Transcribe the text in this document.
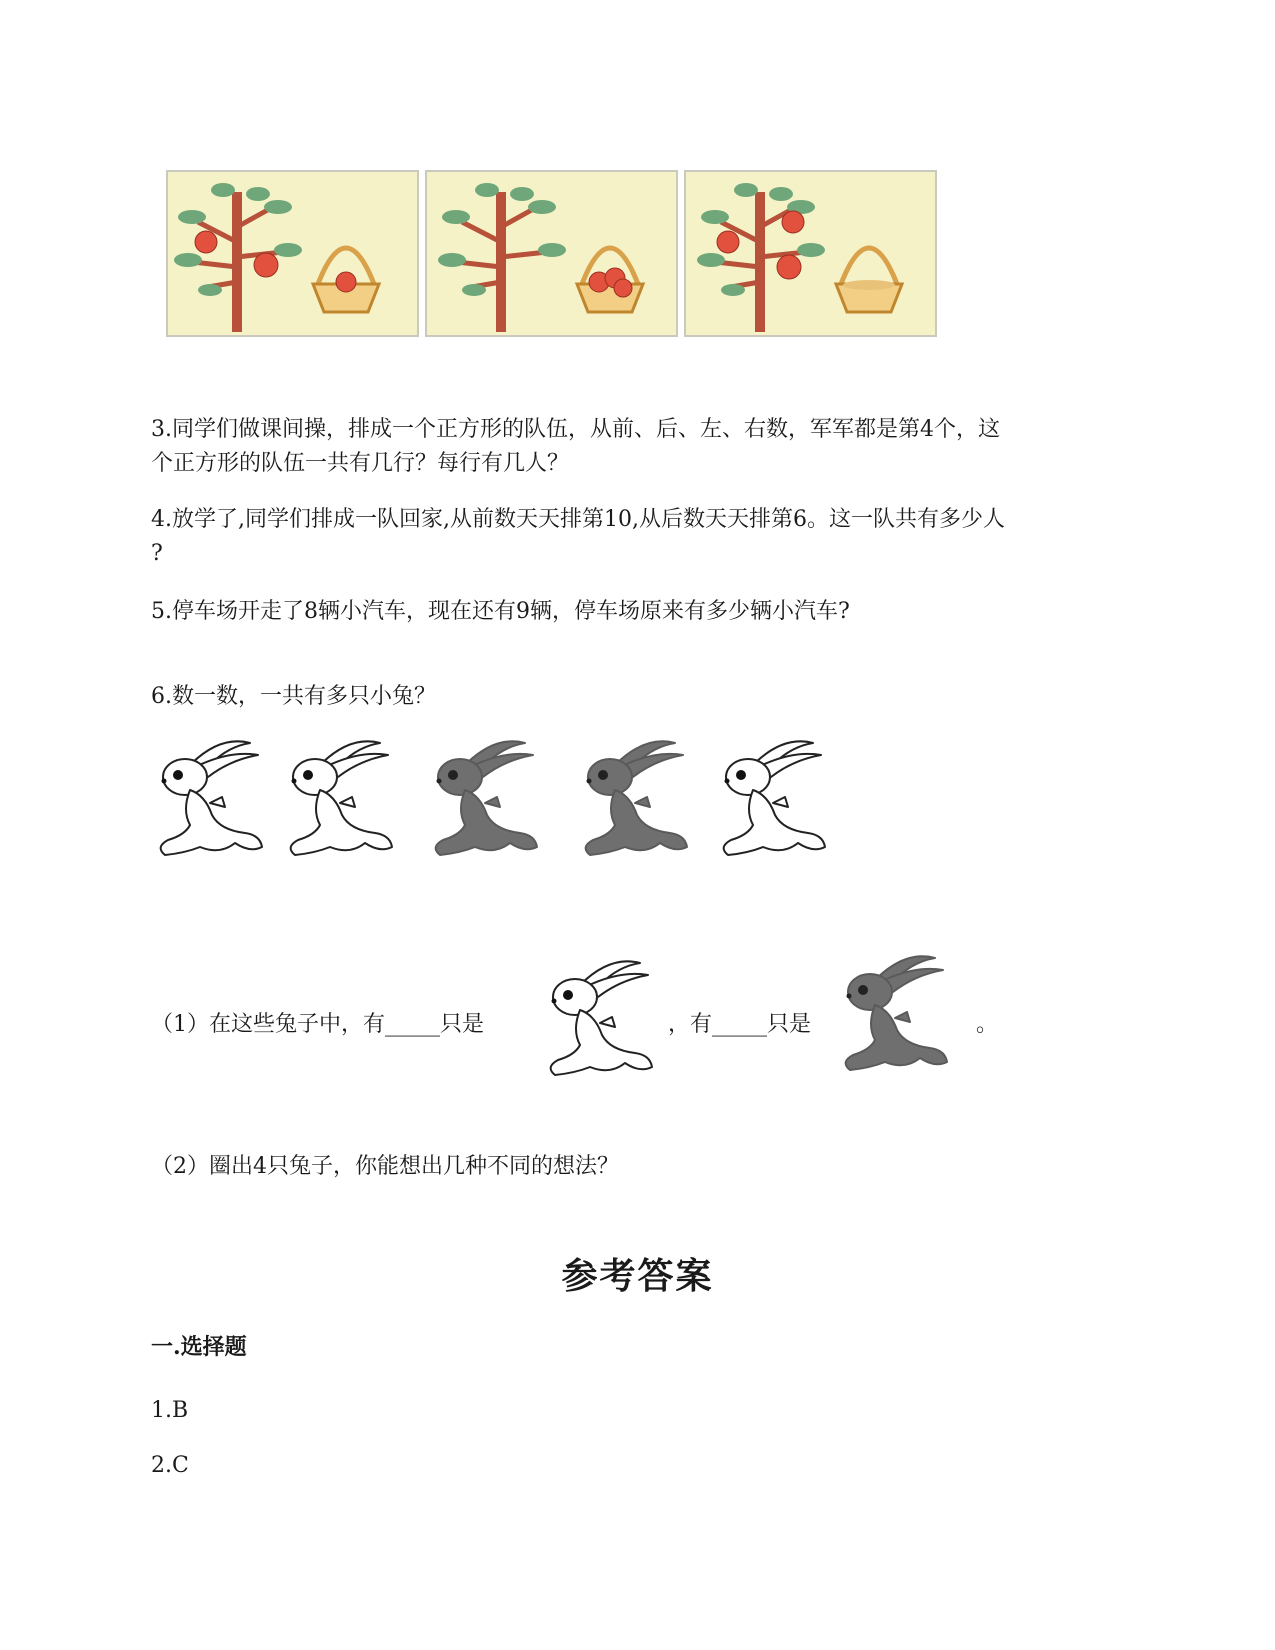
3.同学们做课间操，排成一个正方形的队伍，从前、后、左、右数，军军都是第4个，这
个正方形的队伍一共有几行？每行有几人？
4.放学了,同学们排成一队回家,从前数天天排第10,从后数天天排第6。这一队共有多少人
?
5.停车场开走了8辆小汽车，现在还有9辆，停车场原来有多少辆小汽车?
6.数一数，一共有多只小兔？
（1）在这些兔子中，有_____只是	，有_____只是	。
（2）圈出4只兔子，你能想出几种不同的想法？
参考答案
一.选择题
1.B
2.C
